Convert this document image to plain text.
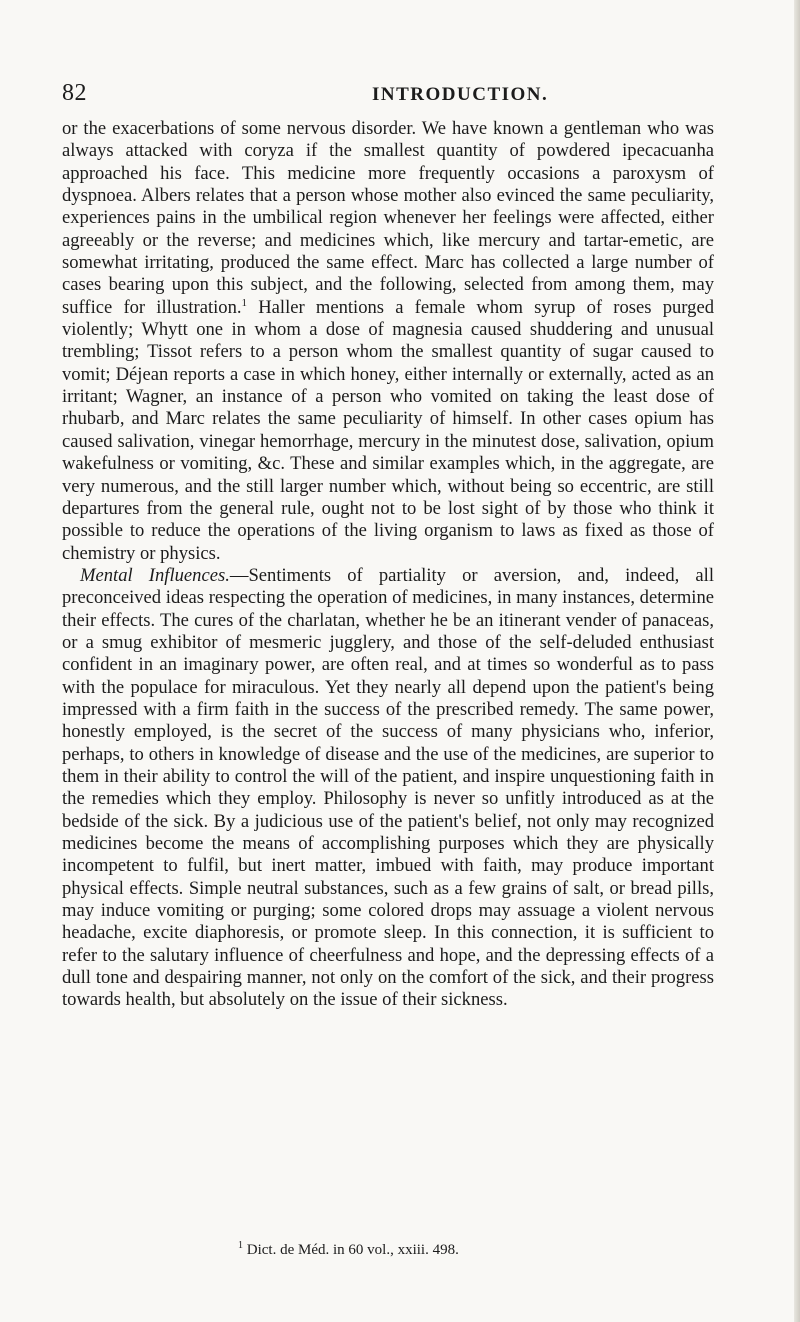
82	INTRODUCTION.

or the exacerbations of some nervous disorder. We have known a gentleman who was always attacked with coryza if the smallest quantity of powdered ipecacuanha approached his face. This medicine more frequently occasions a paroxysm of dyspnoea. Albers relates that a person whose mother also evinced the same peculiarity, experiences pains in the umbilical region whenever her feelings were affected, either agreeably or the reverse; and medicines which, like mercury and tartar-emetic, are somewhat irritating, produced the same effect. Marc has collected a large number of cases bearing upon this subject, and the following, selected from among them, may suffice for illustration.$^1$ Haller mentions a female whom syrup of roses purged violently; Whytt one in whom a dose of magnesia caused shuddering and unusual trembling; Tissot refers to a person whom the smallest quantity of sugar caused to vomit; Déjean reports a case in which honey, either internally or externally, acted as an irritant; Wagner, an instance of a person who vomited on taking the least dose of rhubarb, and Marc relates the same peculiarity of himself. In other cases opium has caused salivation, vinegar hemorrhage, mercury in the minutest dose, salivation, opium wakefulness or vomiting, &c. These and similar examples which, in the aggregate, are very numerous, and the still larger number which, without being so eccentric, are still departures from the general rule, ought not to be lost sight of by those who think it possible to reduce the operations of the living organism to laws as fixed as those of chemistry or physics.

Mental Influences.—Sentiments of partiality or aversion, and, indeed, all preconceived ideas respecting the operation of medicines, in many instances, determine their effects. The cures of the charlatan, whether he be an itinerant vender of panaceas, or a smug exhibitor of mesmeric jugglery, and those of the self-deluded enthusiast confident in an imaginary power, are often real, and at times so wonderful as to pass with the populace for miraculous. Yet they nearly all depend upon the patient's being impressed with a firm faith in the success of the prescribed remedy. The same power, honestly employed, is the secret of the success of many physicians who, inferior, perhaps, to others in knowledge of disease and the use of the medicines, are superior to them in their ability to control the will of the patient, and inspire unquestioning faith in the remedies which they employ. Philosophy is never so unfitly introduced as at the bedside of the sick. By a judicious use of the patient's belief, not only may recognized medicines become the means of accomplishing purposes which they are physically incompetent to fulfil, but inert matter, imbued with faith, may produce important physical effects. Simple neutral substances, such as a few grains of salt, or bread pills, may induce vomiting or purging; some colored drops may assuage a violent nervous headache, excite diaphoresis, or promote sleep. In this connection, it is sufficient to refer to the salutary influence of cheerfulness and hope, and the depressing effects of a dull tone and despairing manner, not only on the comfort of the sick, and their progress towards health, but absolutely on the issue of their sickness.

$^1$ Dict. de Méd. in 60 vol., xxiii. 498.
